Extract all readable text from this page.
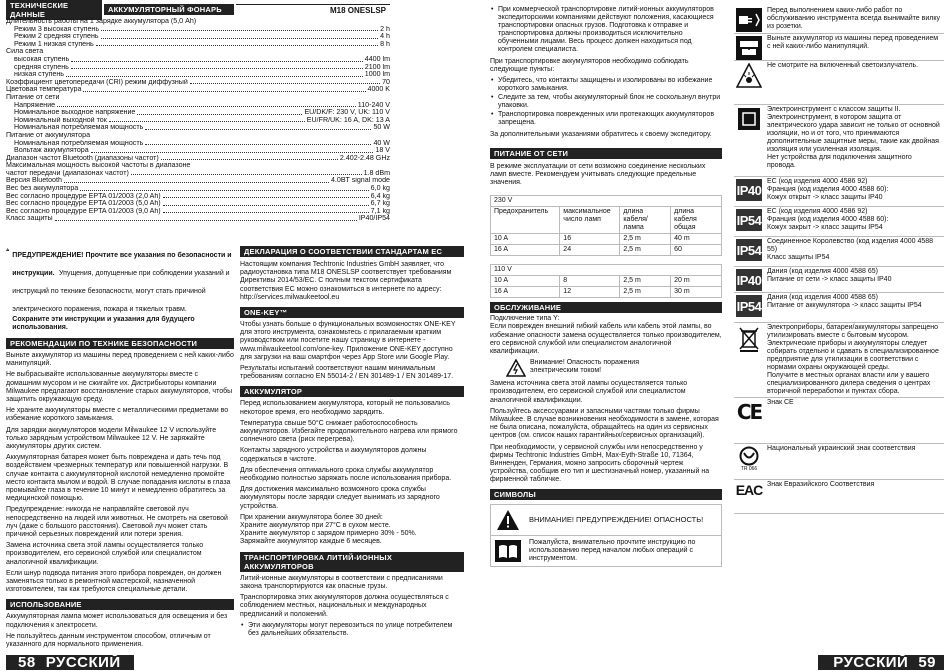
ТЕХНИЧЕСКИЕ ДАННЫЕ	АККУМУЛЯТОРНЫЙ ФОНАРЬ	M18 ONESLSP
Длительность работы на 1 зарядке аккумулятора (5,0 Ah)
Режим 3 высокая ступень	2 h
Режим 2 средняя ступень	4 h
Режим 1 низкая ступень	8 h
Сила света
высокая ступень	4400 lm
средняя ступень	2100 lm
низкая ступень	1000 lm
Коэффициент цветопередачи (CRI) режим диффузный	70
Цветовая температура	4000 K
Питание от сети
Напряжение	110-240 V
Номинальное выходное напряжение	EU/DK/F: 230 V, UK: 110 V
Номинальный выходной ток	EU/FR/UK: 16 A, DK: 13 A
Номинальная потребляемая мощность	50 W
Питание от аккумулятора
Номинальная потребляемая мощность	40 W
Вольтаж аккумулятора	18 V
Диапазон частот Bluetooth (диапазоны частот)	2.402-2.48 GHz
Максимальная мощность высокой частоты в диапазоне
частот передачи (диапазонах частот)	1.8 dBm
Версия Bluetooth	4.0BT signal mode
Вес без аккумулятора	6,0 kg
Вес согласно процедуре EPTA 01/2003 (2,0 Ah)	6,4 kg
Вес согласно процедуре EPTA 01/2003 (5,0 Ah)	6,7 kg
Вес согласно процедуре EPTA 01/2003 (9,0 Ah)	7,1 kg
Класс защиты	IP40/IP54
ПРЕДУПРЕЖДЕНИЕ! Прочтите все указания по безопасности и инструкции. Упущения, допущенные при соблюдении указаний и инструкций по технике безопасности, могут стать причиной электрического поражения, пожара и тяжелых травм.
Сохраните эти инструкции и указания для будущего использования.
РЕКОМЕНДАЦИИ ПО ТЕХНИКЕ БЕЗОПАСНОСТИ

Выньте аккумулятор из машины перед проведением с ней каких-либо манипуляций.

Не выбрасывайте использованные аккумуляторы вместе с домашним мусором и не сжигайте их. Дистрибьюторы компании Milwaukee предлагают восстановление старых аккумуляторов, чтобы защитить окружающую среду.

Не храните аккумуляторы вместе с металлическими предметами во избежание короткого замыкания.

Для зарядки аккумуляторов модели Milwaukee 12 V используйте только зарядным устройством Milwaukee 12 V. Не заряжайте аккумуляторы других систем.

Аккумуляторная батарея может быть повреждена и дать течь под воздействием чрезмерных температур или повышенной нагрузки. В случае контакта с аккумуляторной кислотой немедленно промойте место контакта мылом и водой. В случае попадания кислоты в глаза промывайте глаза в течение 10 минут и немедленно обратитесь за медицинской помощью.

Предупреждение: никогда не направляйте световой луч непосредственно на людей или животных. Не смотреть на световой луч (даже с большого расстояния). Световой луч может стать причиной серьезных повреждений или потери зрения.

Замена источника света этой лампы осуществляется только производителем, его сервисной службой или специалистом аналогичной квалификации.

Если шнур подвода питания этого прибора поврежден, он должен заменяться только в ремонтной мастерской, назначенной изготовителем, так как требуются специальные детали.

ИСПОЛЬЗОВАНИЕ

Аккумуляторная лампа может использоваться для освещения и без подключения к электросети.

Не пользуйтесь данным инструментом способом, отличным от указанного для нормального применения.

ДЕКЛАРАЦИЯ О СООТВЕТСТВИИ СТАНДАРТАМ ЕС
Настоящим компания Techtronic Industries GmbH заявляет, что радиоустановка типа M18 ONESLSP соответствует требованиям Директивы 2014/53/ЕС. С полным текстом сертификата соответствия ЕС можно ознакомиться в интернете по адресу: http://services.milwaukeetool.eu
ONE-KEY™

Чтобы узнать больше о функциональных возможностях ONE-KEY для этого инструмента, ознакомьтесь с прилагаемым кратким руководством или посетите нашу страницу в интернете - www.milwaukeetool.com/one-key. Приложение ONE-KEY доступно для загрузки на ваш смартфон через App Store или Google Play.

Результаты испытаний соответствуют нашим минимальным требованиям согласно EN 55014-2 / EN 301489-1 / EN 301489-17.

АККУМУЛЯТОР

Перед использованием аккумулятора, который не пользовались некоторое время, его необходимо зарядить.

Температура свыше 50°C снижает работоспособность аккумуляторов. Избегайте продолжительного нагрева или прямого солнечного света (риск перегрева).

Контакты зарядного устройства и аккумуляторов должны содержаться в чистоте.

Для обеспечения оптимального срока службы аккумулятор необходимо полностью заряжать после использования прибора.

Для достижения максимально возможного срока службы аккумуляторы после зарядки следует вынимать из зарядного устройства.

При хранении аккумулятора более 30 дней:
Храните аккумулятор при 27°C в сухом месте.
Храните аккумулятор с зарядом примерно 30% - 50%.
Заряжайте аккумулятор каждые 6 месяцев.

ТРАНСПОРТИРОВКА ЛИТИЙ-ИОННЫХ АККУМУЛЯТОРОВ

Литий-ионные аккумуляторы в соответствии с предписаниями закона транспортируются как опасные грузы.

Транспортировка этих аккумуляторов должна осуществляться с соблюдением местных, национальных и международных предписаний и положений.

• Эти аккумуляторы могут перевозиться по улице потребителем без дальнейших обязательств.
58 РУССКИЙ
• При коммерческой транспортировке литий-ионных аккумуляторов экспедиторскими компаниями действуют положения, касающиеся транспортировки опасных грузов. Подготовка к отправке и транспортировка должны производиться исключительно обученными лицами. Весь процесс должен находиться под контролем специалиста.

При транспортировке аккумуляторов необходимо соблюдать следующие пункты:

• Убедитесь, что контакты защищены и изолированы во избежание короткого замыкания.
• Следите за тем, чтобы аккумуляторный блок не соскользнул внутри упаковки.
• Транспортировка поврежденных или протекающих аккумуляторов запрещена.

За дополнительными указаниями обратитесь к своему экспедитору.

ПИТАНИЕ ОТ СЕТИ
В режиме эксплуатации от сети возможно соединение нескольких ламп вместе. Рекомендуем учитывать следующие предельные значения.
230 V			
Предохранитель	максимальное число ламп	длина кабеля/ лампа	длина кабеля общая
10 A	16	2,5 m	40 m
16 A	24	2,5 m	60
110 V			
10 A	8	2,5 m	20 m
16 A	12	2,5 m	30 m
ОБСЛУЖИВАНИЕ
Подключение типа Y:
Если поврежден внешний гибкий кабель или кабель этой лампы, во избежание опасности замена осуществляется только производителем, его сервисной службой или специалистом аналогичной квалификации.
Внимание! Опасность поражения электрическим током!

Замена источника света этой лампы осуществляется только производителем, его сервисной службой или специалистом аналогичной квалификации.

Пользуйтесь аксессуарами и запасными частями только фирмы Milwaukee. В случае возникновения необходимости в замене, которая не была описана, пожалуйста, обращайтесь на один из сервисных центров (см. список наших гарантийных/сервисных организаций).

При необходимости, у сервисной службы или непосредственно у фирмы Techtronic Industries GmbH, Max-Eyth-Straße 10, 71364, Винненден, Германия, можно запросить сборочный чертеж устройства, сообщив его тип и шестизначный номер, указанный на фирменной табличке.

СИМВОЛЫ
ВНИМАНИЕ! ПРЕДУПРЕЖДЕНИЕ! ОПАСНОСТЬ!
Пожалуйста, внимательно прочтите инструкцию по использованию перед началом любых операций с инструментом.
Перед выполнением каких-либо работ по обслуживанию инструмента всегда вынимайте вилку из розетки.
Выньте аккумулятор из машины перед проведением с ней каких-либо манипуляций.
Не смотрите на включенный светоизлучатель.
Электроинструмент с классом защиты II. Электроинструмент, в котором защита от электрического удара зависит не только от основной изоляции, но и от того, что принимаются дополнительные защитные меры, такие как двойная изоляция или усиленная изоляция.
Нет устройства для подключения защитного провода.
IP40
ЕС (код изделия 4000 4586 92)
Франция (код изделия 4000 4588 60):
Кожух открыт -> класс защиты IP40
IP54
ЕС (код изделия 4000 4586 92)
Франция (код изделия 4000 4588 60):
Кожух закрыт -> класс защиты IP54
IP54
Соединенное Королевство (код изделия 4000 4588 55)
Класс защиты IP54
IP40
Дания (код изделия 4000 4588 65)
Питание от сети -> класс защиты IP40
IP54
Дания (код изделия 4000 4588 65)
Питание от аккумулятора -> класс защиты IP54
Электроприборы, батареи/аккумуляторы запрещено утилизировать вместе с бытовым мусором.
Электрические приборы и аккумуляторы следует собирать отдельно и сдавать в специализированное предприятие для утилизации в соответствии с нормами охраны окружающей среды.
Получите в местных органах власти или у вашего специализированного дилера сведения о центрах вторичной переработки и пунктах сбора.
CE Знак CE
TR 066
Национальный украинский знак соответствия
EAC Знак Евразийского Соответствия
РУССКИЙ 59
